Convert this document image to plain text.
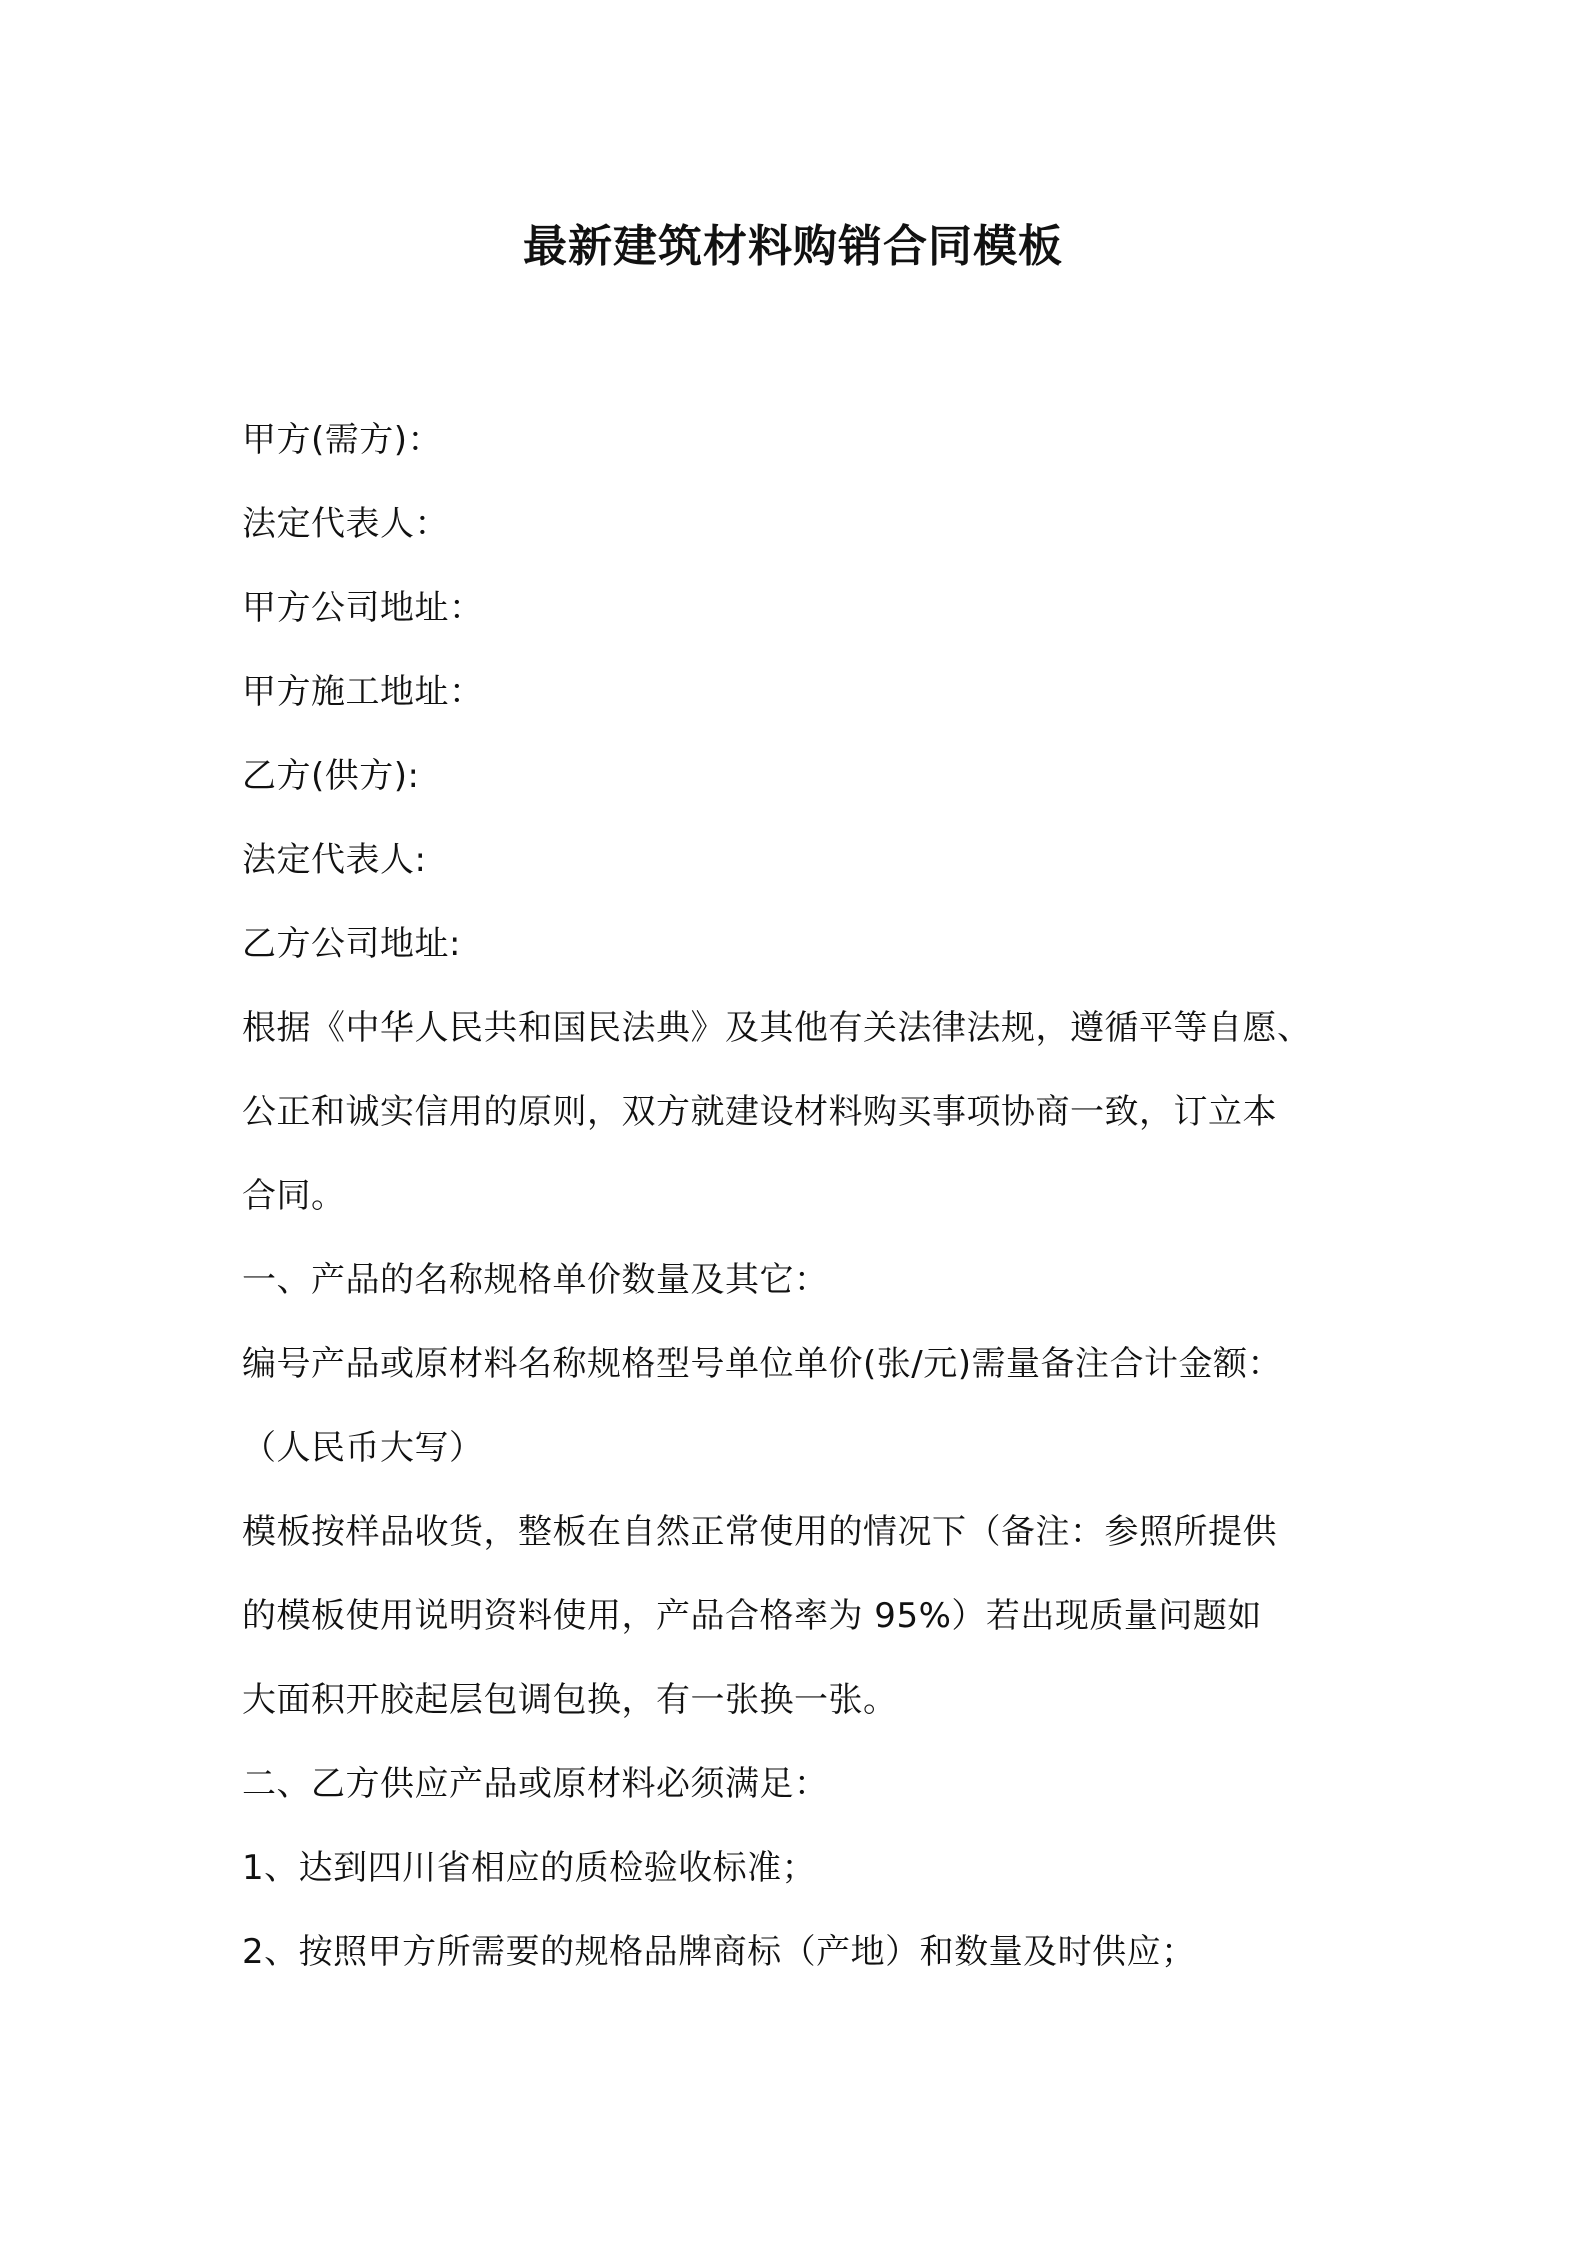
最新建筑材料购销合同模板
甲方(需方)：
法定代表人：
甲方公司地址：
甲方施工地址：
乙方(供方):
法定代表人:
乙方公司地址:
根据《中华人民共和国民法典》及其他有关法律法规，遵循平等自愿、
公正和诚实信用的原则，双方就建设材料购买事项协商一致，订立本
合同。
一、产品的名称规格单价数量及其它：
编号产品或原材料名称规格型号单位单价(张/元)需量备注合计金额：
（人民币大写）
模板按样品收货，整板在自然正常使用的情况下（备注：参照所提供
的模板使用说明资料使用，产品合格率为 95%）若出现质量问题如
大面积开胶起层包调包换，有一张换一张。
二、乙方供应产品或原材料必须满足：
1、达到四川省相应的质检验收标准；
2、按照甲方所需要的规格品牌商标（产地）和数量及时供应；
